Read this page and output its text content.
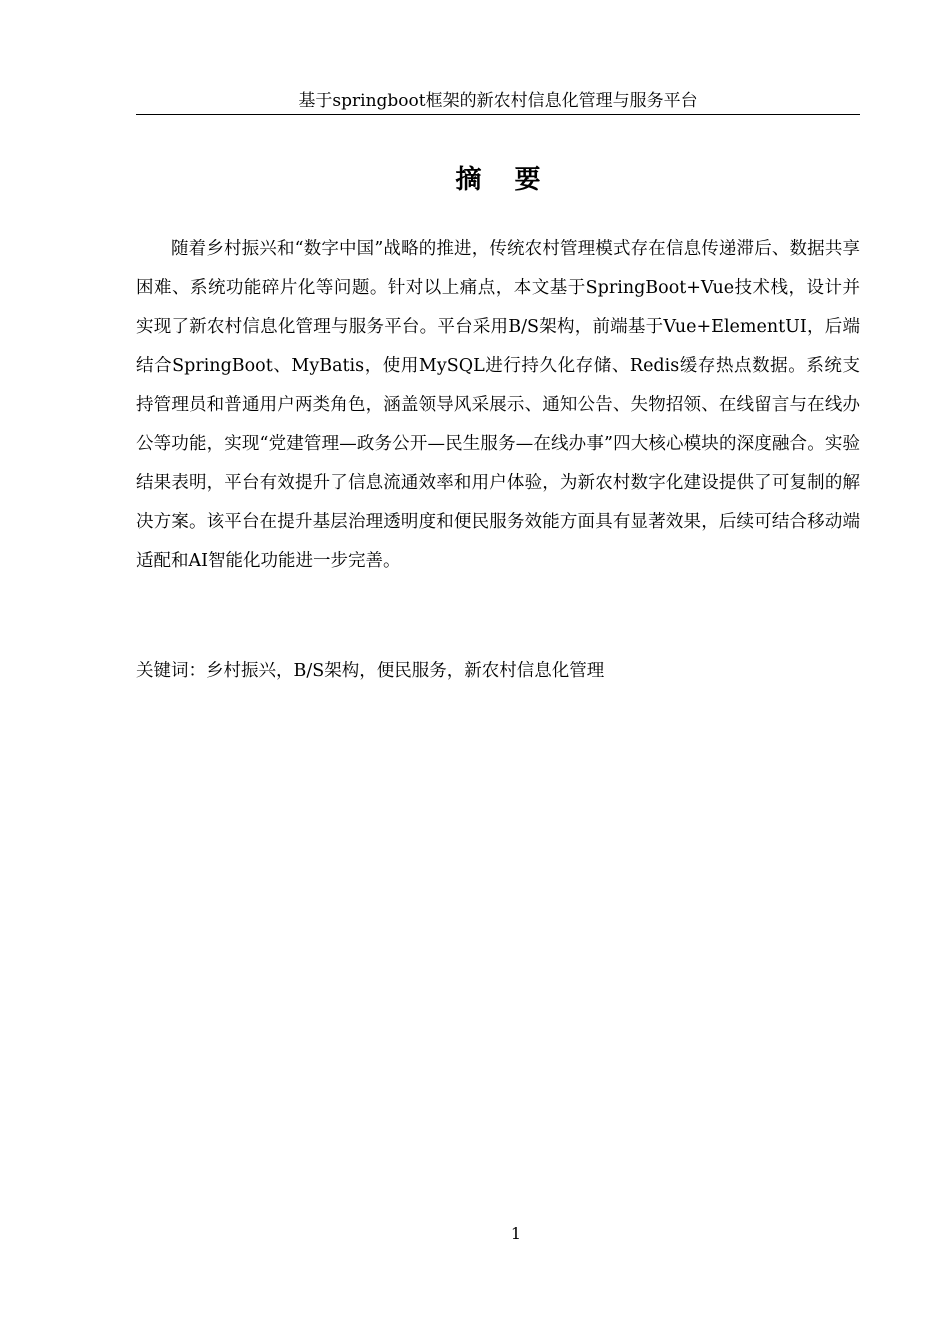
基于springboot框架的新农村信息化管理与服务平台
摘 要

随着乡村振兴和“数字中国”战略的推进，传统农村管理模式存在信息传递滞后、数据共享困难、系统功能碎片化等问题。针对以上痛点，本文基于SpringBoot+Vue技术栈，设计并实现了新农村信息化管理与服务平台。平台采用B/S架构，前端基于Vue+ElementUI，后端结合SpringBoot、MyBatis，使用MySQL进行持久化存储、Redis缓存热点数据。系统支持管理员和普通用户两类角色，涵盖领导风采展示、通知公告、失物招领、在线留言与在线办公等功能，实现“党建管理—政务公开—民生服务—在线办事”四大核心模块的深度融合。实验结果表明，平台有效提升了信息流通效率和用户体验，为新农村数字化建设提供了可复制的解决方案。该平台在提升基层治理透明度和便民服务效能方面具有显著效果，后续可结合移动端适配和AI智能化功能进一步完善。

关键词：乡村振兴，B/S架构，便民服务，新农村信息化管理
1
